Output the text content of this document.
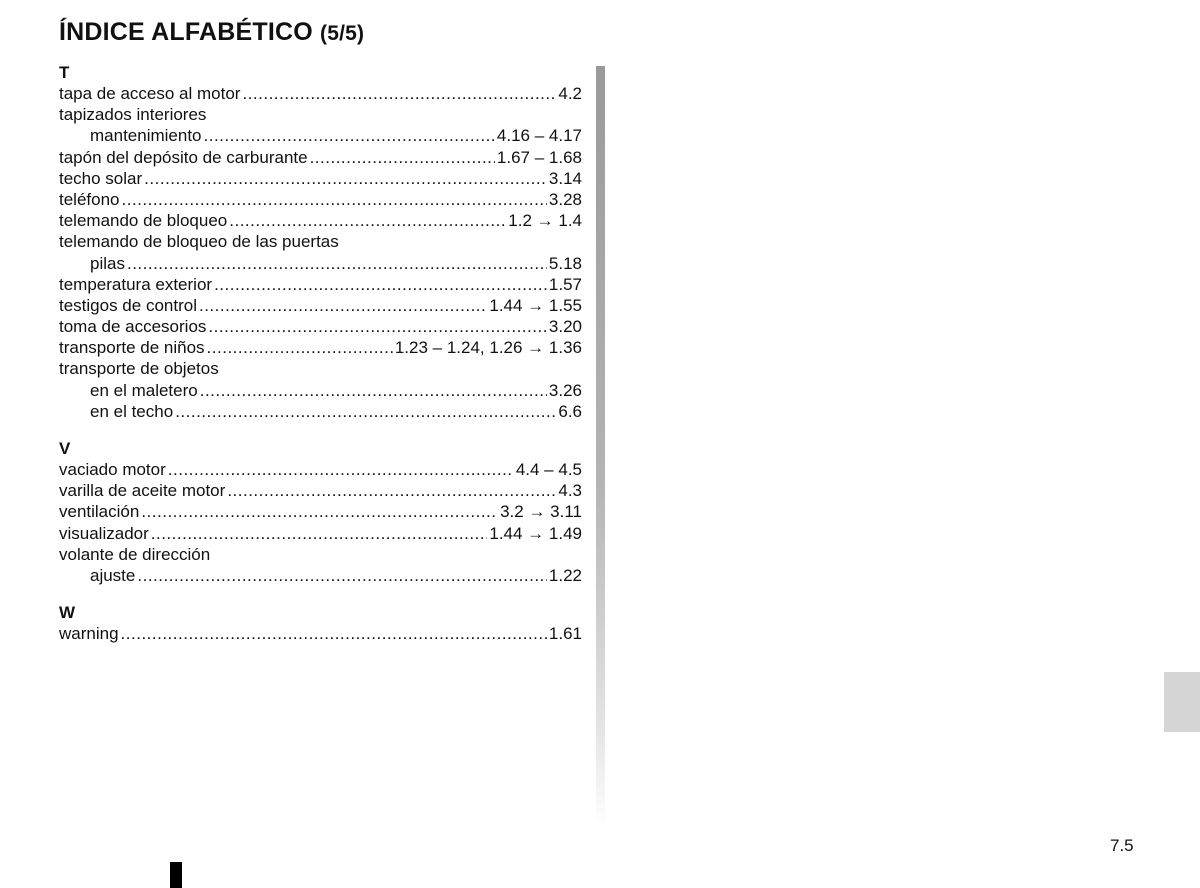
ÍNDICE ALFABÉTICO (5/5)
T
tapa de acceso al motor .....	4.2
tapizados interiores
mantenimiento .....	4.16 – 4.17
tapón del depósito de carburante .....	1.67 – 1.68
techo solar .....	3.14
teléfono .....	3.28
telemando de bloqueo .....	1.2 → 1.4
telemando de bloqueo de las puertas
pilas .....	5.18
temperatura exterior .....	1.57
testigos de control .....	1.44 → 1.55
toma de accesorios .....	3.20
transporte de niños .....	1.23 – 1.24, 1.26 → 1.36
transporte de objetos
en el maletero .....	3.26
en el techo .....	6.6
V
vaciado motor .....	4.4 – 4.5
varilla de aceite motor .....	4.3
ventilación .....	3.2 → 3.11
visualizador .....	1.44 → 1.49
volante de dirección
ajuste .....	1.22
W
warning .....	1.61
7.5
